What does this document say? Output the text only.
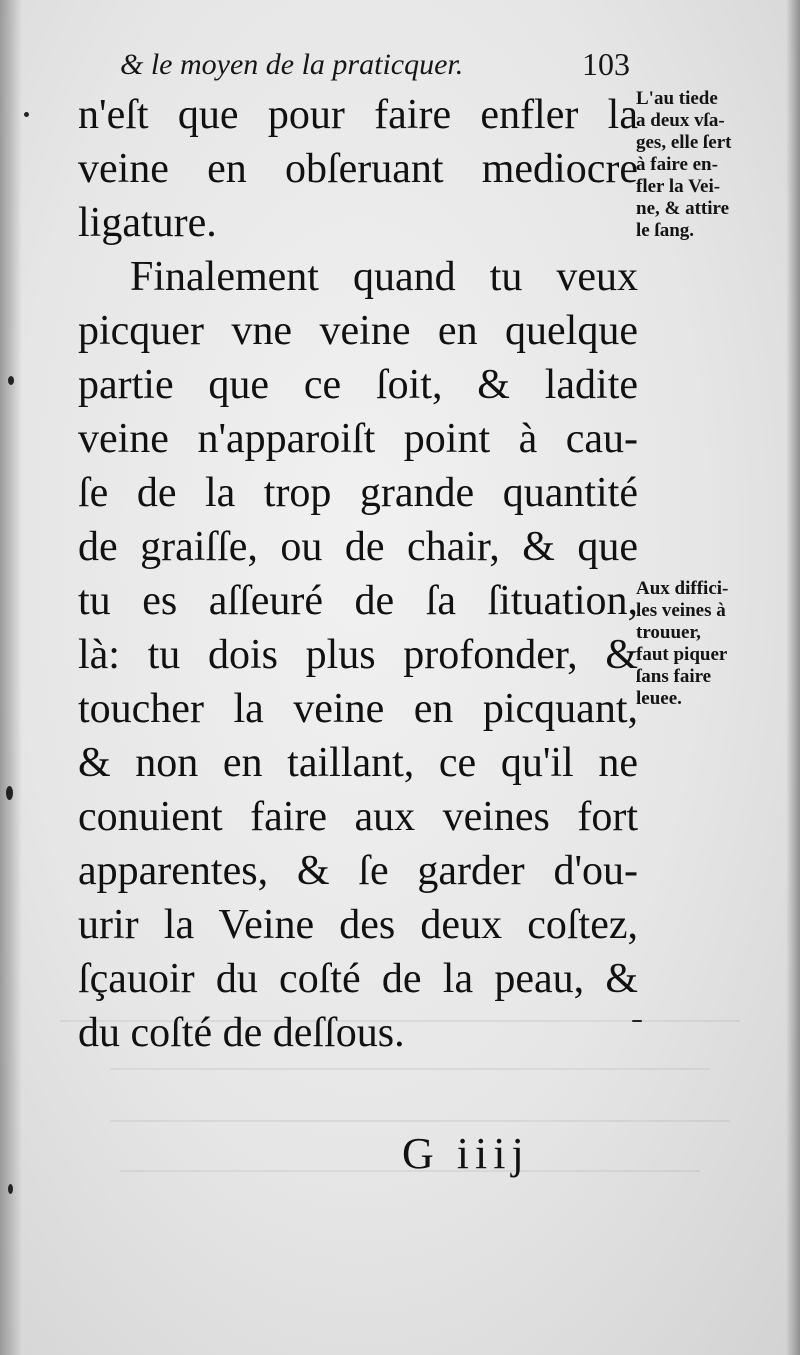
& le moyen de la praticquer.	103
n'eſt que pour faire enfler la
veine en obſeruant mediocre
ligature.
Finalement quand tu veux
picquer vne veine en quelque
partie que ce ſoit, & ladite
veine n'apparoiſt point à cau-
ſe de la trop grande quantité
de graiſſe, ou de chair, & que
tu es aſſeuré de ſa ſituation,
là: tu dois plus profonder, &
toucher la veine en picquant,
& non en taillant, ce qu'il ne
conuient faire aux veines fort
apparentes, & ſe garder d'ou-
urir la Veine des deux coſtez,
ſçauoir du coſté de la peau, &
du coſté de deſſous.
L'au tiede
a deux vſa-
ges, elle ſert
à faire en-
fler la Vei-
ne, & attire
le ſang.
Aux diffici-
les veines à
trouuer,
faut piquer
ſans faire
leuee.
G iiij
